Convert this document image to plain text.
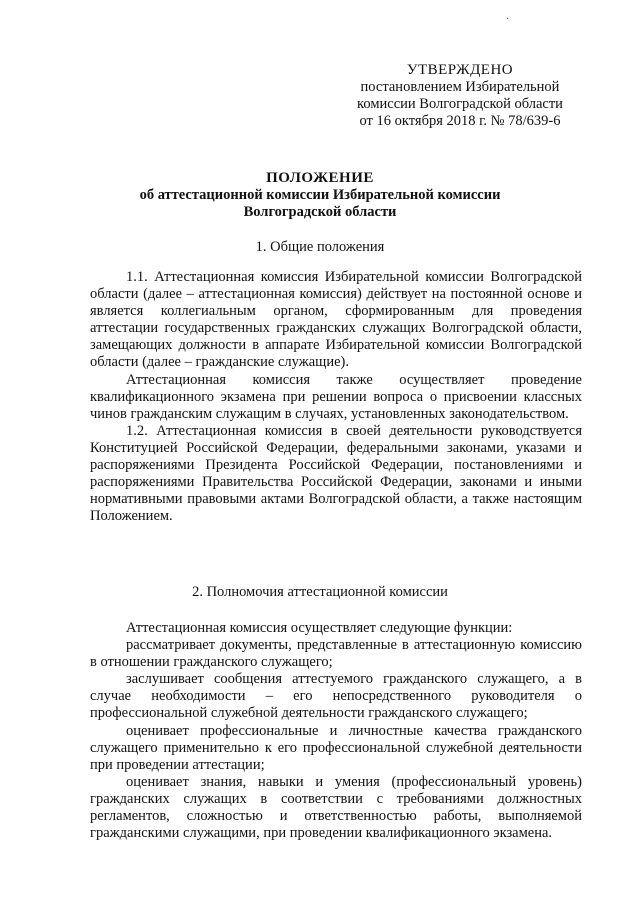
·
УТВЕРЖДЕНО
постановлением Избирательной
комиссии Волгоградской области
от 16 октября 2018 г. № 78/639-6
ПОЛОЖЕНИЕ
об аттестационной комиссии Избирательной комиссии
Волгоградской области
1. Общие положения

1.1. Аттестационная комиссия Избирательной комиссии Волгоградской области (далее – аттестационная комиссия) действует на постоянной основе и является коллегиальным органом, сформированным для проведения аттестации государственных гражданских служащих Волгоградской области, замещающих должности в аппарате Избирательной комиссии Волгоградской области (далее – гражданские служащие).

Аттестационная комиссия также осуществляет проведение квалификационного экзамена при решении вопроса о присвоении классных чинов гражданским служащим в случаях, установленных законодательством.

1.2. Аттестационная комиссия в своей деятельности руководствуется Конституцией Российской Федерации, федеральными законами, указами и распоряжениями Президента Российской Федерации, постановлениями и распоряжениями Правительства Российской Федерации, законами и иными нормативными правовыми актами Волгоградской области, а также настоящим Положением.

2. Полномочия аттестационной комиссии

Аттестационная комиссия осуществляет следующие функции:

рассматривает документы, представленные в аттестационную комиссию в отношении гражданского служащего;

заслушивает сообщения аттестуемого гражданского служащего, а в случае необходимости – его непосредственного руководителя о профессиональной служебной деятельности гражданского служащего;

оценивает профессиональные и личностные качества гражданского служащего применительно к его профессиональной служебной деятельности при проведении аттестации;

оценивает знания, навыки и умения (профессиональный уровень) гражданских служащих в соответствии с требованиями должностных регламентов, сложностью и ответственностью работы, выполняемой гражданскими служащими, при проведении квалификационного экзамена.
